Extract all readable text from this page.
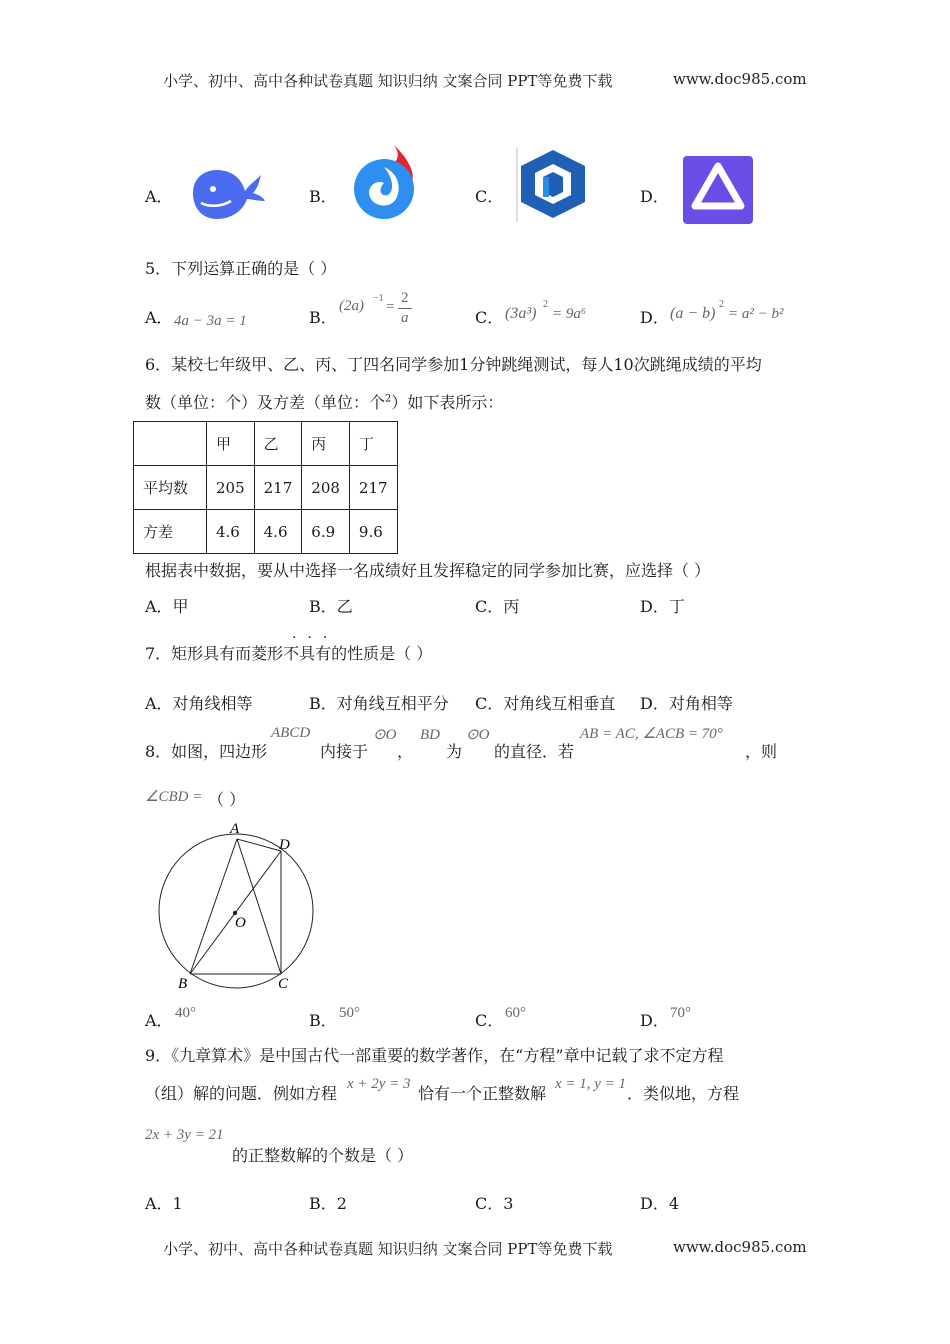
小学、初中、高中各种试卷真题 知识归纳 文案合同 PPT等免费下载	www.doc985.com
A．	B．	C．	D．
5．下列运算正确的是（ ）
A． 4a − 3a = 1	B．
(2a) −1
=
2
a	C． (3a³)
2
= 9a⁶	D． (a − b)
2
= a² − b²
6．某校七年级甲、乙、丙、丁四名同学参加1分钟跳绳测试，每人10次跳绳成绩的平均
数（单位：个）及方差（单位：个$^2$）如下表所示：
	甲	乙	丙	丁
平均数	205	217	208	217
方差	4.6	4.6	6.9	9.6
根据表中数据，要从中选择一名成绩好且发挥稳定的同学参加比赛，应选择（ ）
A．甲	B．乙	C．丙	D．丁
···
7．矩形具有而菱形不具有的性质是（ ）
A．对角线相等	B．对角线互相平分 C．对角线互相垂直 D．对角相等
8．如图，四边形
ABCD
内接于
⊙O
，
BD
为
⊙O
的直径．若
AB = AC, ∠ACB = 70°
，则
∠CBD = （ ）
A
D
O
B	C
A． 40°	B． 50°	C． 60°	D． 70°
9．《九章算术》是中国古代一部重要的数学著作，在“方程”章中记载了求不定方程
（组）解的问题．例如方程 x + 2y = 3 恰有一个正整数解 x = 1, y = 1 ．类似地，方程
2x + 3y = 21
的正整数解的个数是（ ）
A．1	B．2	C．3	D．4
小学、初中、高中各种试卷真题 知识归纳 文案合同 PPT等免费下载	www.doc985.com
